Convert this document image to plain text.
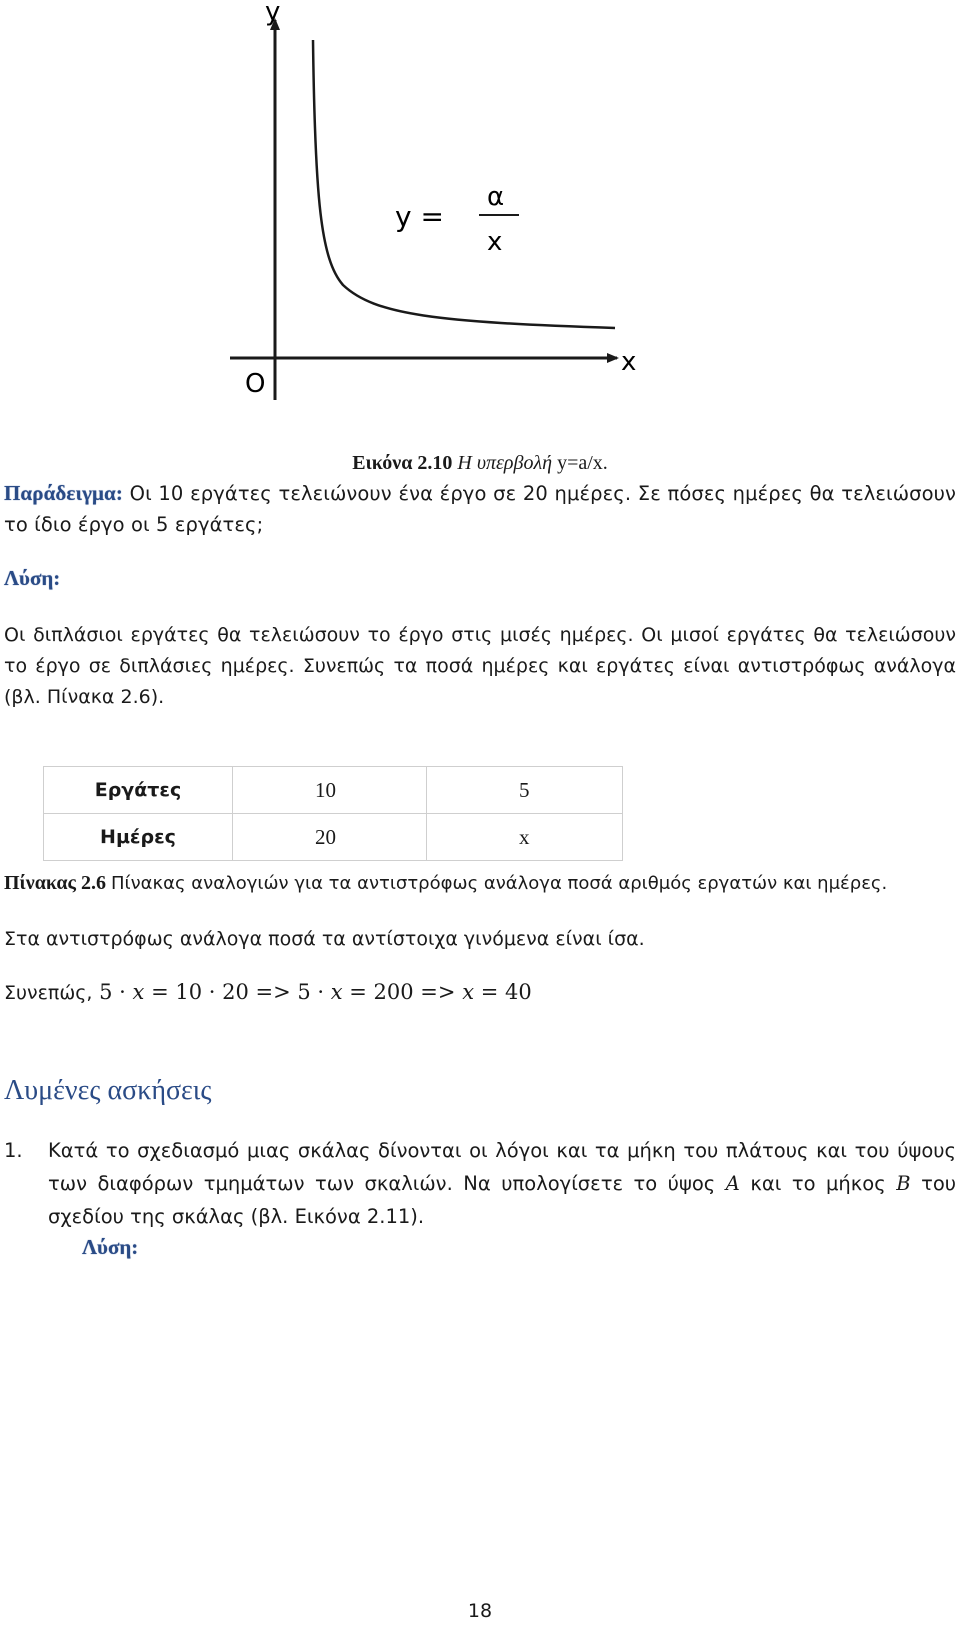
y
x
O
y =
α
x
Εικόνα 2.10 Η υπερβολή y=a/x.
Παράδειγμα: Οι 10 εργάτες τελειώνουν ένα έργο σε 20 ημέρες. Σε πόσες ημέρες θα τελειώσουν το ίδιο έργο οι 5 εργάτες;
Λύση:
Οι διπλάσιοι εργάτες θα τελειώσουν το έργο στις μισές ημέρες. Οι μισοί εργάτες θα τελειώσουν το έργο σε διπλάσιες ημέρες. Συνεπώς τα ποσά ημέρες και εργάτες είναι αντιστρόφως ανάλογα (βλ. Πίνακα 2.6).
Εργάτες	10	5
Ημέρες	20	x
Πίνακας 2.6 Πίνακας αναλογιών για τα αντιστρόφως ανάλογα ποσά αριθμός εργατών και ημέρες.
Στα αντιστρόφως ανάλογα ποσά τα αντίστοιχα γινόμενα είναι ίσα.
Συνεπώς, 5 · x = 10 · 20 => 5 · x = 200 => x = 40
Λυμένες ασκήσεις
1. Κατά το σχεδιασμό μιας σκάλας δίνονται οι λόγοι και τα μήκη του πλάτους και του ύψους των διαφόρων τμημάτων των σκαλιών. Να υπολογίσετε το ύψος A και το μήκος B του σχεδίου της σκάλας (βλ. Εικόνα 2.11).
Λύση:
18
